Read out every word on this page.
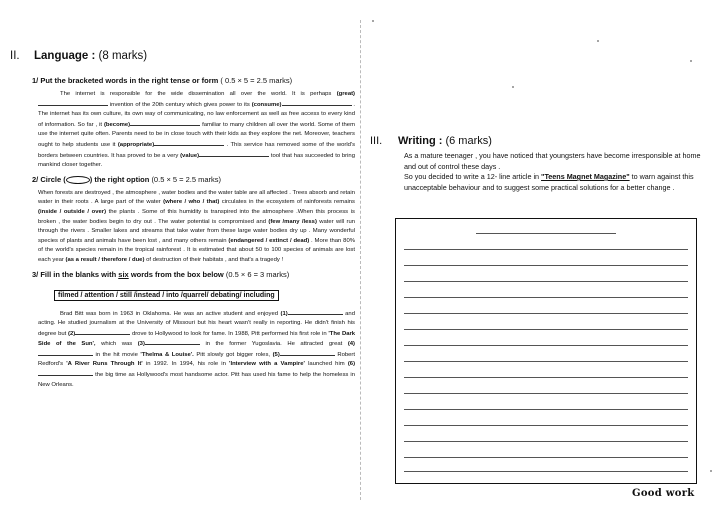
II. Language : (8 marks)
1/ Put the bracketed words in the right tense or form ( 0.5 × 5 = 2.5 marks)
The internet is responsible for the wide dissemination all over the world. It is perhaps (great) invention of the 20th century which gives power to its (consume)	. The internet has its own culture, its own way of communicating, no law enforcement as well as free access to every kind of information. So far , it (become)	familiar to many children all over the world. Some of them use the internet quite often. Parents need to be in close touch with their kids as they explore the net. Moreover, teachers ought to help students use it (appropriate)	. This service has removed some of the world's borders between countries. It has proved to be a very (value)	tool that has succeeded to bring mankind closer together.
2/ Circle (	) the right option (0.5 × 5 = 2.5 marks)
When forests are destroyed , the atmosphere , water bodies and the water table are all affected . Trees absorb and retain water in their roots . A large part of the water (where / who / that) circulates in the ecosystem of rainforests remains (inside / outside / over) the plants . Some of this humidity is transpired into the atmosphere .When this process is broken , the water bodies begin to dry out . The water potential is compromised and (few /many /less) water will run through the rivers . Smaller lakes and streams that take water from these large water bodies dry up . Many wonderful species of plants and animals have been lost , and many others remain (endangered / extinct / dead) . More than 80% of the world's species remain in the tropical rainforest . It is estimated that about 50 to 100 species of animals are lost each year (as a result / therefore / due) of destruction of their habitats , and that's a tragedy !
3/ Fill in the blanks with six words from the box below (0.5 × 6 = 3 marks)
filmed / attention / still /instead / into /quarrel/ debating/ including
Brad Bitt was born in 1963 in Oklahoma. He was an active student and enjoyed (1)	and acting. He studied journalism at the University of Missouri but his heart wasn't really in reporting. He didn't finish his degree but (2)	drove to Hollywood to look for fame. In 1988, Pitt performed his first role in 'The Dark Side of the Sun', which was (3)	in the former Yugoslavia. He attracted great (4) in the hit movie 'Thelma & Louise'. Pitt slowly got bigger roles, (5)	Robert Redford's 'A River Runs Through It' in 1992. In 1994, his role in 'Interview with a Vampire' launched him (6) the big time as Hollywood's most handsome actor. Pitt has used his fame to help the homeless in New Orleans.
III. Writing : (6 marks)
As a mature teenager , you have noticed that youngsters have become irresponsible at home and out of control these days .
So you decided to write a 12- line article in "Teens Magnet Magazine" to warn against this unacceptable behaviour and to suggest some practical solutions for a better change .
Good work
